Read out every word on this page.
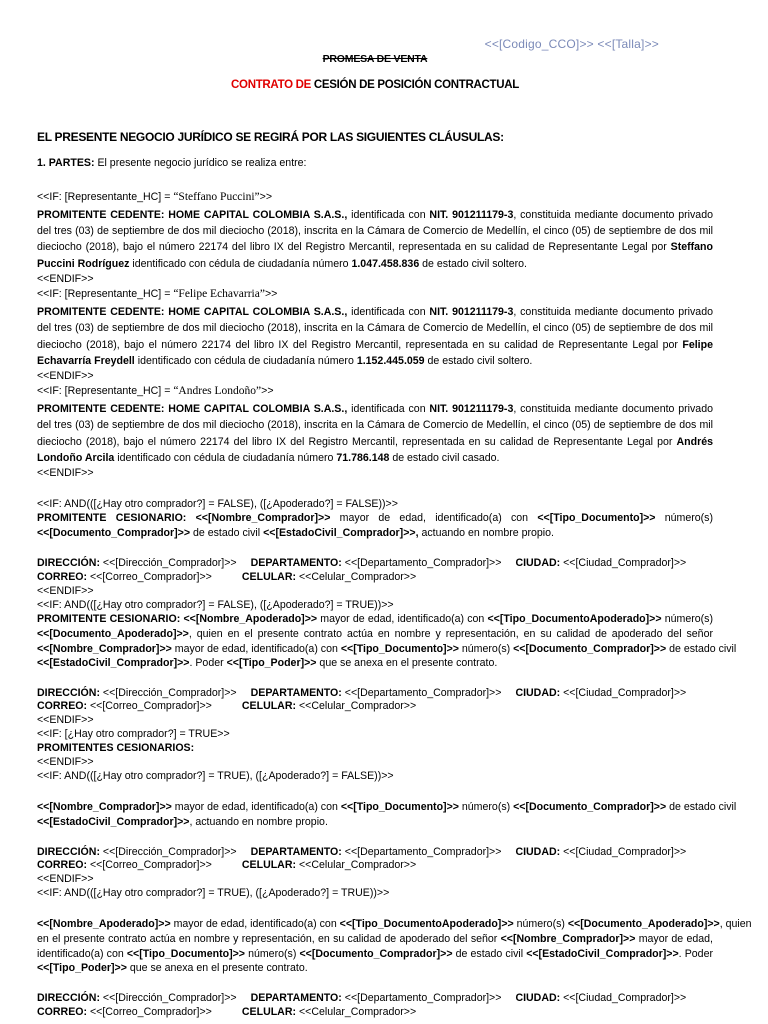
<<[Codigo_CCO]>> <<[Talla]>>
PROMESA DE VENTA
CONTRATO DE CESIÓN DE POSICIÓN CONTRACTUAL
EL PRESENTE NEGOCIO JURÍDICO SE REGIRÁ POR LAS SIGUIENTES CLÁUSULAS:
1. PARTES: El presente negocio jurídico se realiza entre:
<<IF: [Representante_HC] = “Steffano Puccini”>>
PROMITENTE CEDENTE: HOME CAPITAL COLOMBIA S.A.S., identificada con NIT. 901211179-3, constituida mediante documento privado
del tres (03) de septiembre de dos mil dieciocho (2018), inscrita en la Cámara de Comercio de Medellín, el cinco (05) de septiembre de dos mil
dieciocho (2018), bajo el número 22174 del libro IX del Registro Mercantil, representada en su calidad de Representante Legal por Steffano
Puccini Rodríguez identificado con cédula de ciudadanía número 1.047.458.836 de estado civil soltero.
<<ENDIF>>
<<IF: [Representante_HC] = “Felipe Echavarria”>>
PROMITENTE CEDENTE: HOME CAPITAL COLOMBIA S.A.S., identificada con NIT. 901211179-3, constituida mediante documento privado
del tres (03) de septiembre de dos mil dieciocho (2018), inscrita en la Cámara de Comercio de Medellín, el cinco (05) de septiembre de dos mil
dieciocho (2018), bajo el número 22174 del libro IX del Registro Mercantil, representada en su calidad de Representante Legal por Felipe
Echavarría Freydell identificado con cédula de ciudadanía número 1.152.445.059 de estado civil soltero.
<<ENDIF>>
<<IF: [Representante_HC] = “Andres Londoño”>>
PROMITENTE CEDENTE: HOME CAPITAL COLOMBIA S.A.S., identificada con NIT. 901211179-3, constituida mediante documento privado
del tres (03) de septiembre de dos mil dieciocho (2018), inscrita en la Cámara de Comercio de Medellín, el cinco (05) de septiembre de dos mil
dieciocho (2018), bajo el número 22174 del libro IX del Registro Mercantil, representada en su calidad de Representante Legal por Andrés
Londoño Arcila identificado con cédula de ciudadanía número 71.786.148 de estado civil casado.
<<ENDIF>>
<<IF: AND(([¿Hay otro comprador?] = FALSE), ([¿Apoderado?] = FALSE))>>
PROMITENTE CESIONARIO: <<[Nombre_Comprador]>> mayor de edad, identificado(a) con <<[Tipo_Documento]>> número(s)
<<[Documento_Comprador]>> de estado civil <<[EstadoCivil_Comprador]>>, actuando en nombre propio.
DIRECCIÓN: <<[Dirección_Comprador]>> DEPARTAMENTO: <<[Departamento_Comprador]>> CIUDAD: <<[Ciudad_Comprador]>>
CORREO: <<[Correo_Comprador]>>	CELULAR: <<Celular_Comprador>>
<<ENDIF>>
<<IF: AND(([¿Hay otro comprador?] = FALSE), ([¿Apoderado?] = TRUE))>>
PROMITENTE CESIONARIO: <<[Nombre_Apoderado]>> mayor de edad, identificado(a) con <<[Tipo_DocumentoApoderado]>> número(s)
<<[Documento_Apoderado]>>, quien en el presente contrato actúa en nombre y representación, en su calidad de apoderado del señor
<<[Nombre_Comprador]>> mayor de edad, identificado(a) con <<[Tipo_Documento]>> número(s) <<[Documento_Comprador]>> de estado civil
<<[EstadoCivil_Comprador]>>. Poder <<[Tipo_Poder]>> que se anexa en el presente contrato.
DIRECCIÓN: <<[Dirección_Comprador]>> DEPARTAMENTO: <<[Departamento_Comprador]>> CIUDAD: <<[Ciudad_Comprador]>>
CORREO: <<[Correo_Comprador]>>	CELULAR: <<Celular_Comprador>>
<<ENDIF>>
<<IF: [¿Hay otro comprador?] = TRUE>>
PROMITENTES CESIONARIOS:
<<ENDIF>>
<<IF: AND(([¿Hay otro comprador?] = TRUE), ([¿Apoderado?] = FALSE))>>
<<[Nombre_Comprador]>> mayor de edad, identificado(a) con <<[Tipo_Documento]>> número(s) <<[Documento_Comprador]>> de estado civil
<<[EstadoCivil_Comprador]>>, actuando en nombre propio.
DIRECCIÓN: <<[Dirección_Comprador]>> DEPARTAMENTO: <<[Departamento_Comprador]>> CIUDAD: <<[Ciudad_Comprador]>>
CORREO: <<[Correo_Comprador]>>	CELULAR: <<Celular_Comprador>>
<<ENDIF>>
<<IF: AND(([¿Hay otro comprador?] = TRUE), ([¿Apoderado?] = TRUE))>>
<<[Nombre_Apoderado]>> mayor de edad, identificado(a) con <<[Tipo_DocumentoApoderado]>> número(s) <<[Documento_Apoderado]>>, quien
en el presente contrato actúa en nombre y representación, en su calidad de apoderado del señor <<[Nombre_Comprador]>> mayor de edad,
identificado(a) con <<[Tipo_Documento]>> número(s) <<[Documento_Comprador]>> de estado civil <<[EstadoCivil_Comprador]>>. Poder
<<[Tipo_Poder]>> que se anexa en el presente contrato.
DIRECCIÓN: <<[Dirección_Comprador]>> DEPARTAMENTO: <<[Departamento_Comprador]>> CIUDAD: <<[Ciudad_Comprador]>>
CORREO: <<[Correo_Comprador]>>	CELULAR: <<Celular_Comprador>>
